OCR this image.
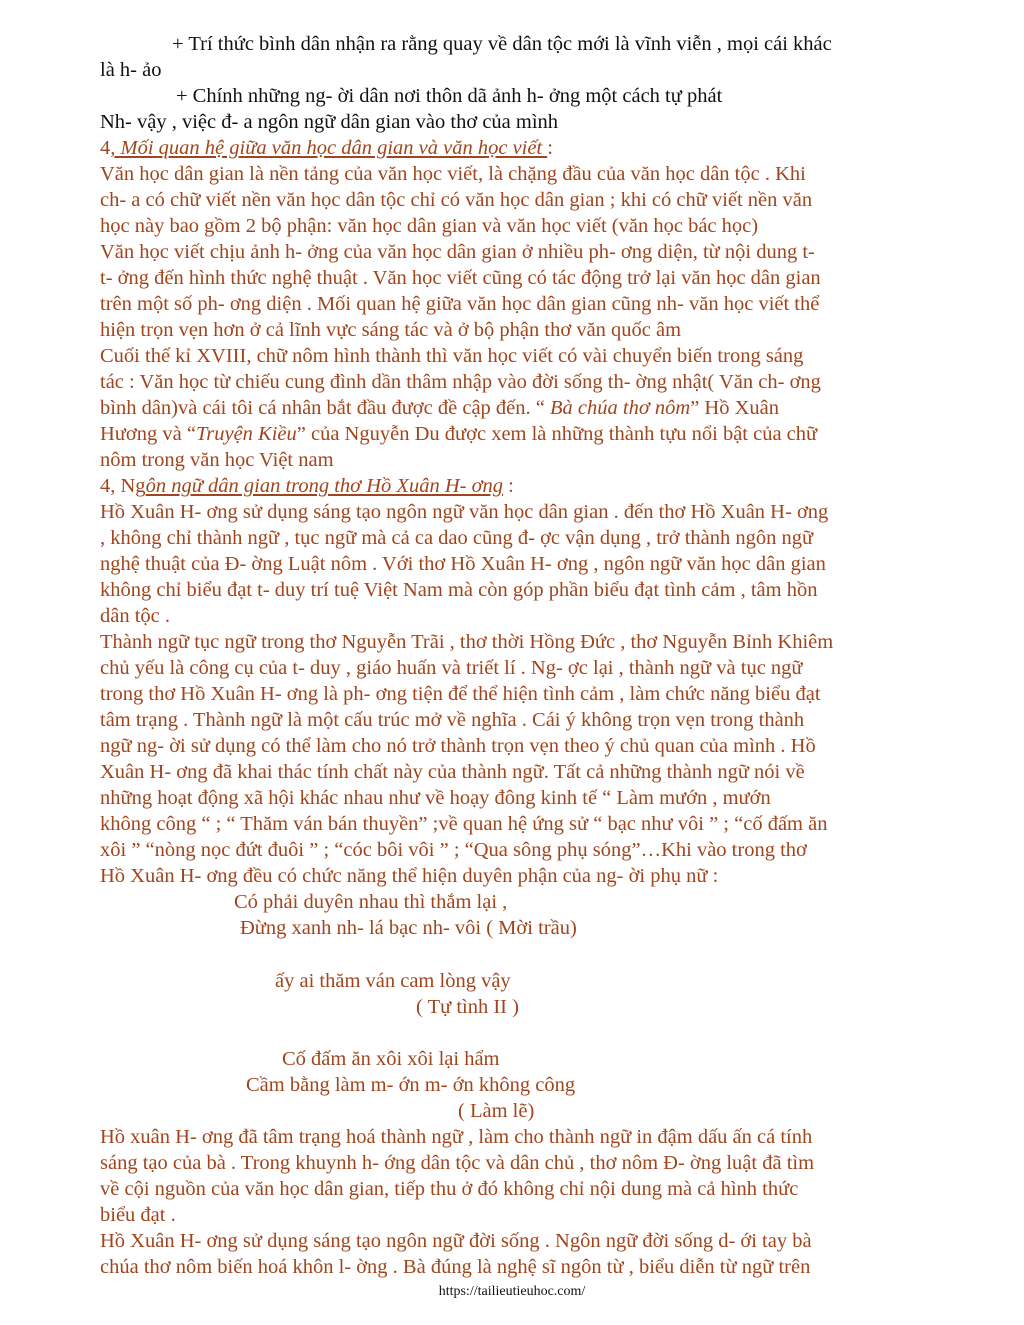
+ Trí thức bình dân nhận ra rằng quay về dân tộc mới là vĩnh viễn , mọi cái khác
là h- ảo
+ Chính những ng- ời dân nơi thôn dã ảnh h- ởng một cách tự phát
Nh- vậy , việc đ- a ngôn ngữ dân gian vào thơ của mình
4, Mối quan hệ giữa văn học dân gian và văn học viết :
Văn học dân gian là nền tảng của văn học viết, là chặng đầu của văn học dân tộc . Khi
ch- a có chữ viết nền văn học dân tộc chỉ có văn học dân gian ; khi có chữ viết nền văn
học này bao gồm 2 bộ phận: văn học dân gian và văn học viết (văn học bác học)
Văn học viết chịu ảnh h- ởng của văn học dân gian ở nhiều ph- ơng diện, từ nội dung t-
t- ởng đến hình thức nghệ thuật . Văn học viết cũng có tác động trở lại văn học dân gian
trên một số ph- ơng diện . Mối quan hệ giữa văn học dân gian cũng nh- văn học viết thể
hiện trọn vẹn hơn ở cả lĩnh vực sáng tác và ở bộ phận thơ văn quốc âm
Cuối thế kỉ XVIII, chữ nôm hình thành thì văn học viết có vài chuyển biến trong sáng
tác : Văn học từ chiếu cung đình dần thâm nhập vào đời sống th- ờng nhật( Văn ch- ơng
bình dân)và cái tôi cá nhân bắt đầu được đề cập đến. “ Bà chúa thơ nôm” Hồ Xuân
Hương và “Truyện Kiều” của Nguyễn Du được xem là những thành tựu nổi bật của chữ
nôm trong văn học Việt nam
4, Ngôn ngữ dân gian trong thơ Hồ Xuân H- ơng :
Hồ Xuân H- ơng sử dụng sáng tạo ngôn ngữ văn học dân gian . đến thơ Hồ Xuân H- ơng
, không chỉ thành ngữ , tục ngữ mà cả ca dao cũng đ- ợc vận dụng , trở thành ngôn ngữ
nghệ thuật của Đ- ờng Luật nôm . Với thơ Hồ Xuân H- ơng , ngôn ngữ văn học dân gian
không chỉ biểu đạt t- duy trí tuệ Việt Nam mà còn góp phần biểu đạt tình cảm , tâm hồn
dân tộc .
Thành ngữ tục ngữ trong thơ Nguyễn Trãi , thơ thời Hồng Đức , thơ Nguyễn Bỉnh Khiêm
chủ yếu là công cụ của t- duy , giáo huấn và triết lí . Ng- ợc lại , thành ngữ và tục ngữ
trong thơ Hồ Xuân H- ơng là ph- ơng tiện để thể hiện tình cảm , làm chức năng biểu đạt
tâm trạng . Thành ngữ là một cấu trúc mở về nghĩa . Cái ý không trọn vẹn trong thành
ngữ ng- ời sử dụng có thể làm cho nó trở thành trọn vẹn theo ý chủ quan của mình . Hồ
Xuân H- ơng đã khai thác tính chất này của thành ngữ. Tất cả những thành ngữ nói về
những hoạt động xã hội khác nhau như về hoạy đông kinh tế “ Làm mướn , mướn
không công “ ; “ Thăm ván bán thuyền” ;về quan hệ ứng sử “ bạc như vôi ” ; “cố đấm ăn
xôi ” “nòng nọc đứt đuôi ” ; “cóc bôi vôi ” ; “Qua sông phụ sóng”…Khi vào trong thơ
Hồ Xuân H- ơng đều có chức năng thể hiện duyên phận của ng- ời phụ nữ :
Có phải duyên nhau thì thắm lại ,
Đừng xanh nh- lá bạc nh- vôi ( Mời trầu)
ấy ai thăm ván cam lòng vậy
( Tự tình II )
Cố đấm ăn xôi xôi lại hẩm
Cầm bằng làm m- ớn m- ớn không công
( Làm lẽ)
Hồ xuân H- ơng đã tâm trạng hoá thành ngữ , làm cho thành ngữ in đậm dấu ấn cá tính
sáng tạo của bà . Trong khuynh h- ớng dân tộc và dân chủ , thơ nôm Đ- ờng luật đã tìm
về cội nguồn của văn học dân gian, tiếp thu ở đó không chỉ nội dung mà cả hình thức
biểu đạt .
Hồ Xuân H- ơng sử dụng sáng tạo ngôn ngữ đời sống . Ngôn ngữ đời sống d- ới tay bà
chúa thơ nôm biến hoá khôn l- ờng . Bà đúng là nghệ sĩ ngôn từ , biểu diễn từ ngữ trên
https://tailieutieuhoc.com/
